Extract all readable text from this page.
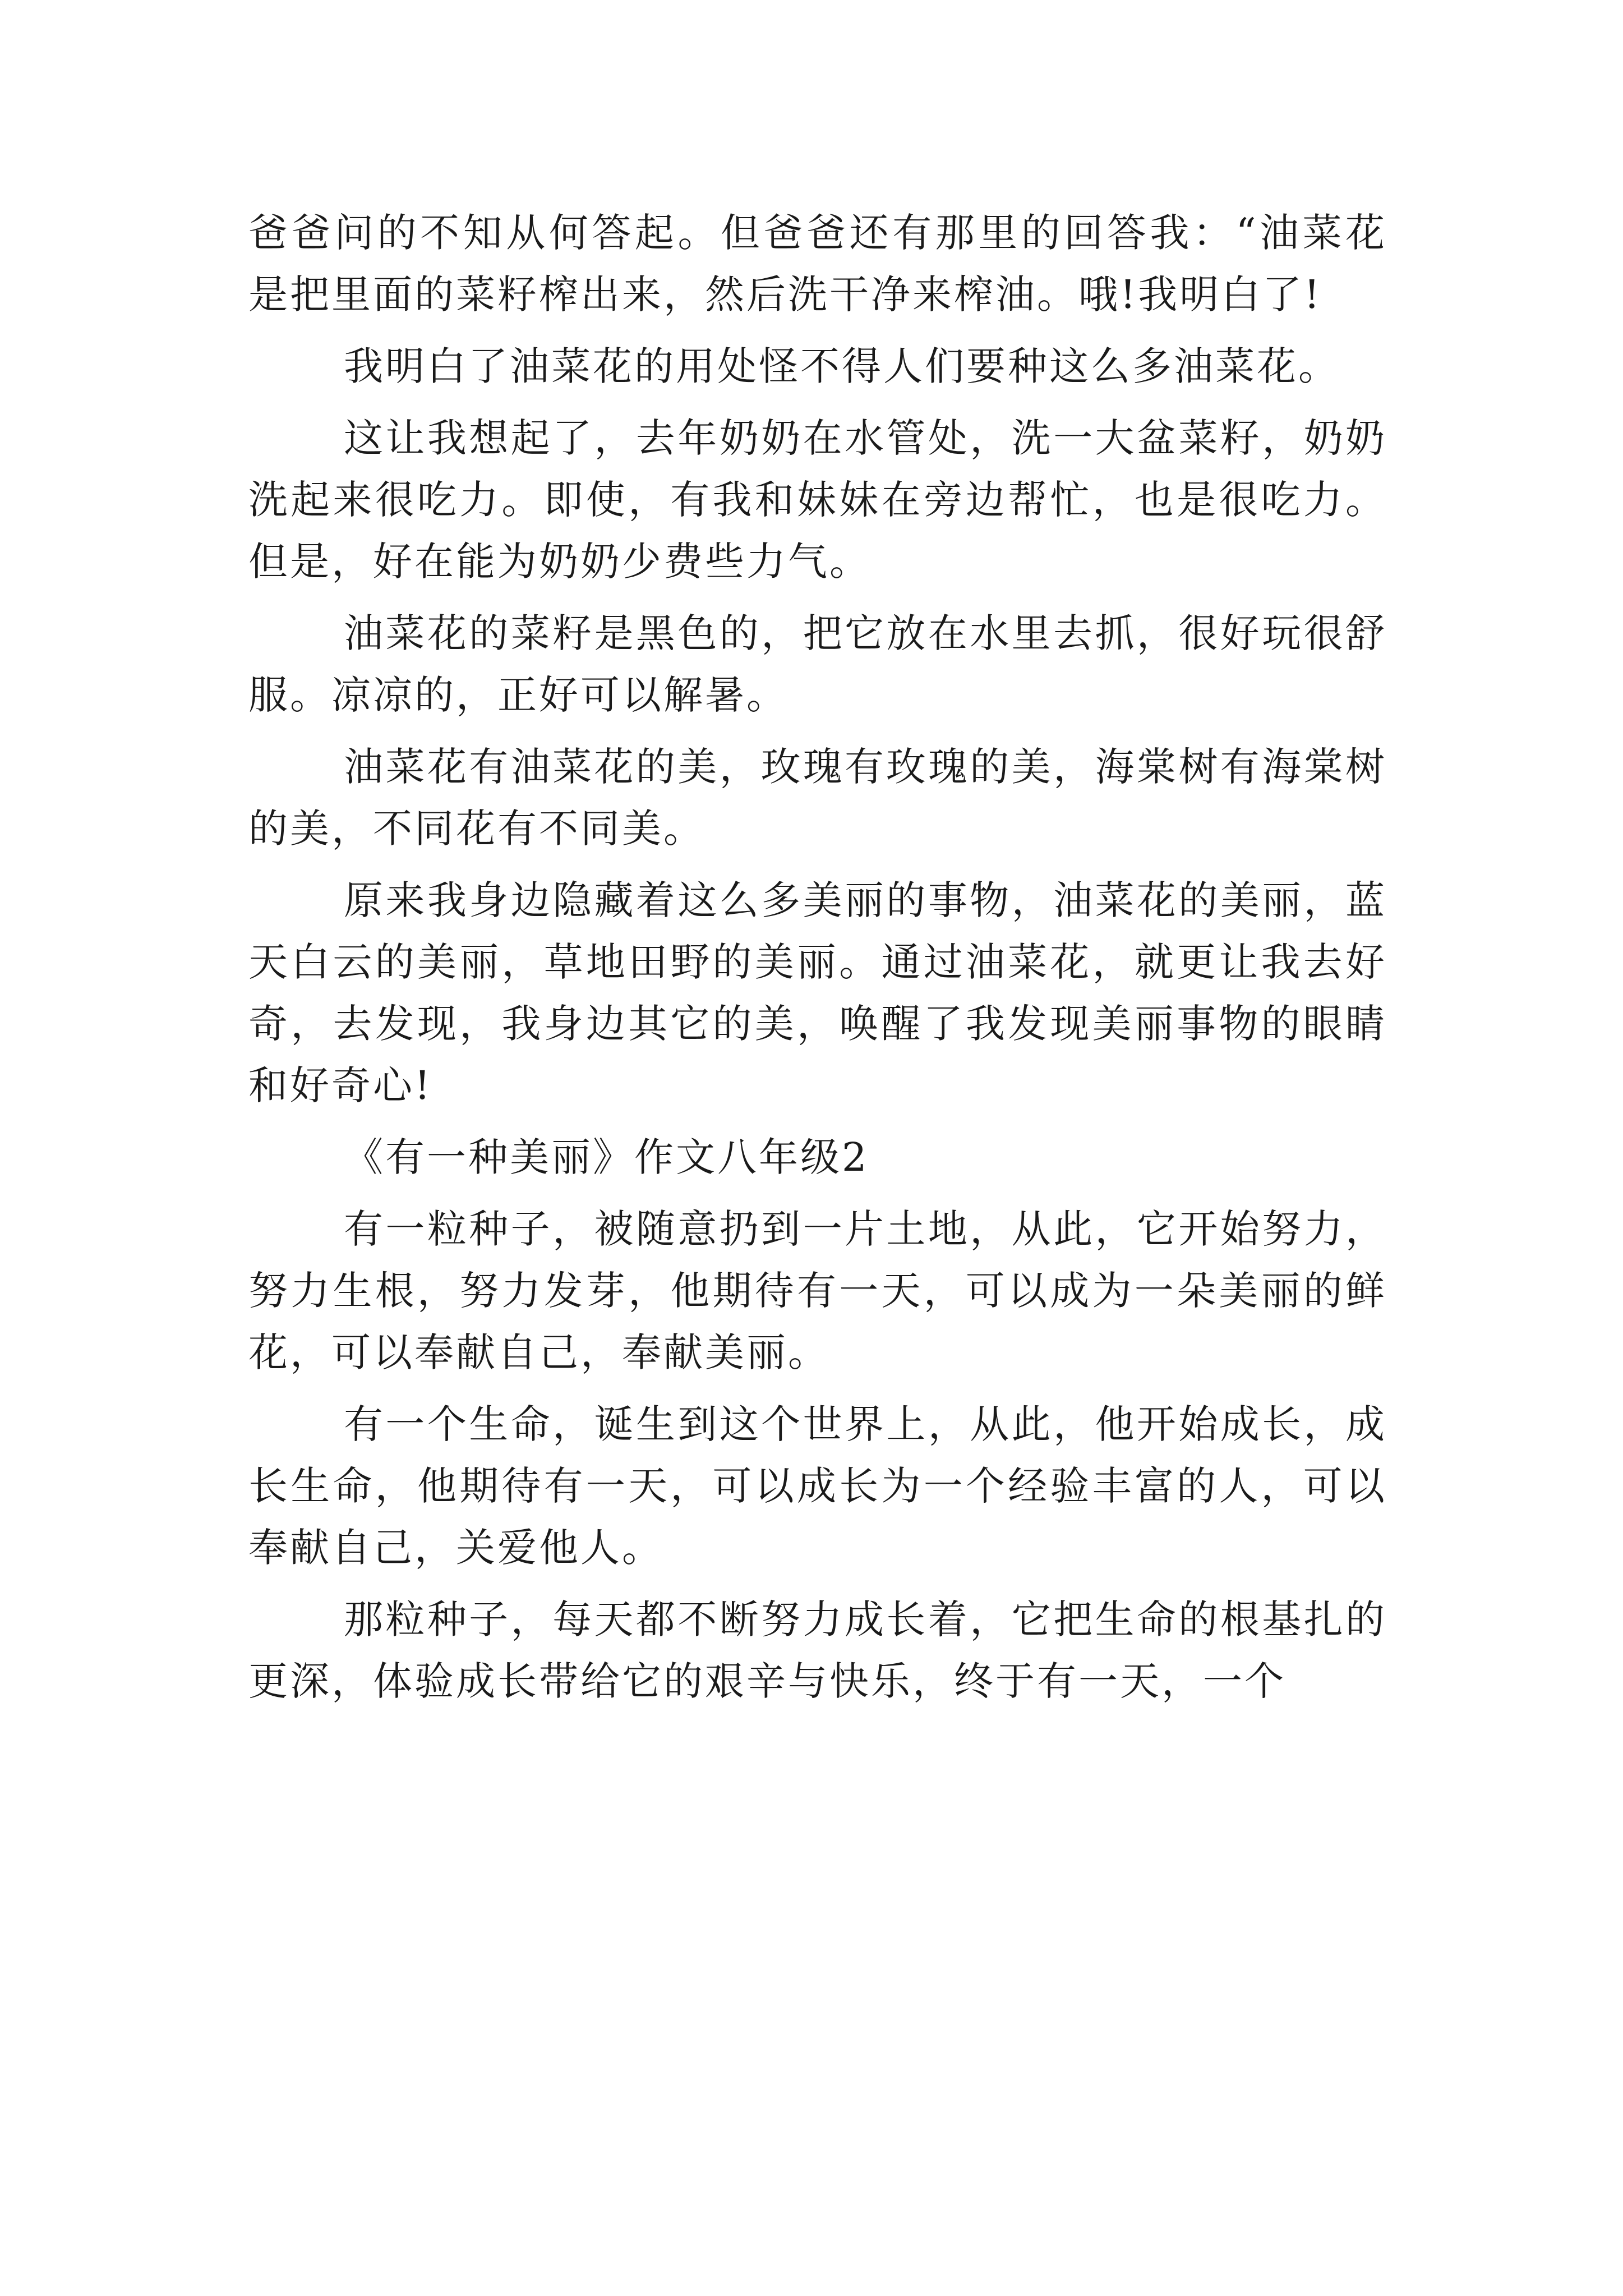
爸爸问的不知从何答起。但爸爸还有那里的回答我：“油菜花是把里面的菜籽榨出来，然后洗干净来榨油。哦!我明白了!

我明白了油菜花的用处怪不得人们要种这么多油菜花。

这让我想起了，去年奶奶在水管处，洗一大盆菜籽，奶奶洗起来很吃力。即使，有我和妹妹在旁边帮忙，也是很吃力。但是，好在能为奶奶少费些力气。

油菜花的菜籽是黑色的，把它放在水里去抓，很好玩很舒服。凉凉的，正好可以解暑。

油菜花有油菜花的美，玫瑰有玫瑰的美，海棠树有海棠树的美，不同花有不同美。

原来我身边隐藏着这么多美丽的事物，油菜花的美丽，蓝天白云的美丽，草地田野的美丽。通过油菜花，就更让我去好奇，去发现，我身边其它的美，唤醒了我发现美丽事物的眼睛和好奇心!

《有一种美丽》作文八年级2

有一粒种子，被随意扔到一片土地，从此，它开始努力，努力生根，努力发芽，他期待有一天，可以成为一朵美丽的鲜花，可以奉献自己，奉献美丽。

有一个生命，诞生到这个世界上，从此，他开始成长，成长生命，他期待有一天，可以成长为一个经验丰富的人，可以奉献自己，关爱他人。

那粒种子，每天都不断努力成长着，它把生命的根基扎的更深，体验成长带给它的艰辛与快乐，终于有一天，一个
